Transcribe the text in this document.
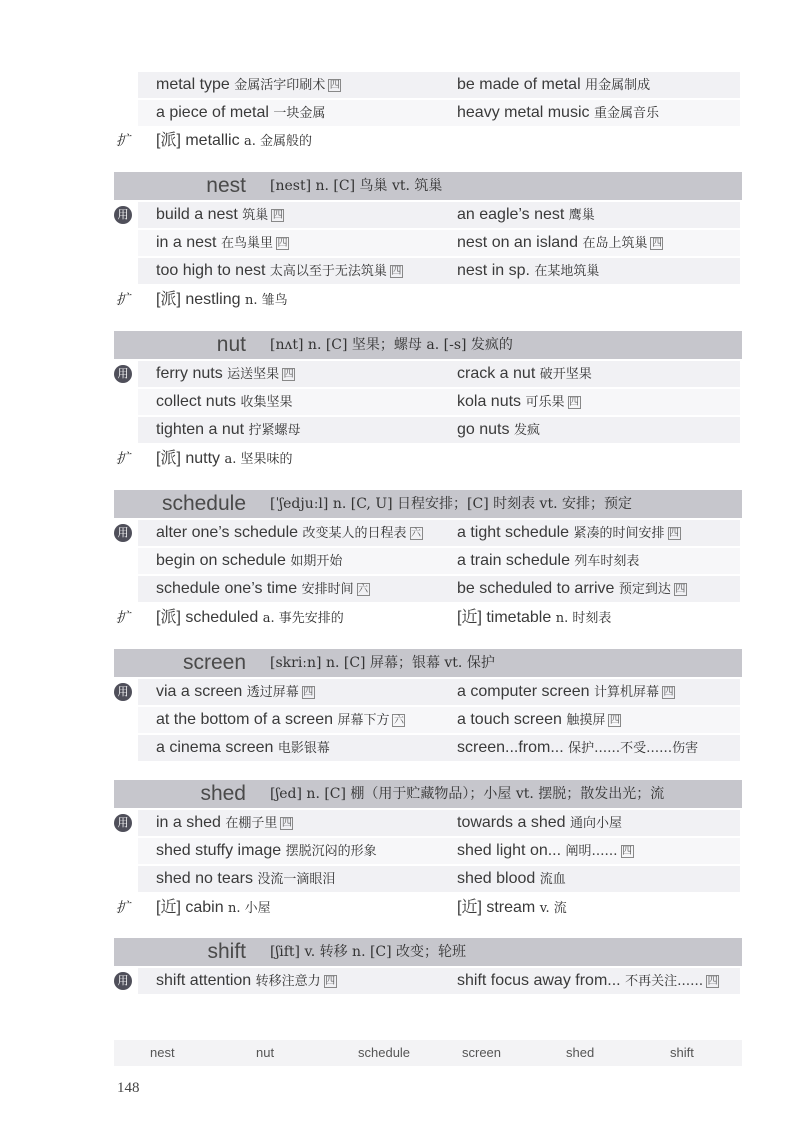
metal type 金属活字印刷术 四	be made of metal 用金属制成
a piece of metal 一块金属	heavy metal music 重金属音乐
扩 [派] metallic a. 金属般的
nest [nest] n. [C] 鸟巢 vt. 筑巢
用 build a nest 筑巢 四	an eagle’s nest 鹰巢
in a nest 在鸟巢里 四	nest on an island 在岛上筑巢 四
too high to nest 太高以至于无法筑巢 四	nest in sp. 在某地筑巢
扩 [派] nestling n. 雏鸟
nut [nʌt] n. [C] 坚果；螺母 a. [-s] 发疯的
用 ferry nuts 运送坚果 四	crack a nut 破开坚果
collect nuts 收集坚果	kola nuts 可乐果 四
tighten a nut 拧紧螺母	go nuts 发疯
扩 [派] nutty a. 坚果味的
schedule [ˈʃedjuːl] n. [C, U] 日程安排；[C] 时刻表 vt. 安排；预定
用 alter one’s schedule 改变某人的日程表 六 a tight schedule 紧凑的时间安排 四
begin on schedule 如期开始	a train schedule 列车时刻表
schedule one’s time 安排时间 六	be scheduled to arrive 预定到达 四
扩 [派] scheduled a. 事先安排的	[近] timetable n. 时刻表
screen [skriːn] n. [C] 屏幕；银幕 vt. 保护
用 via a screen 透过屏幕 四	a computer screen 计算机屏幕 四
at the bottom of a screen 屏幕下方 六	a touch screen 触摸屏 四
a cinema screen 电影银幕	screen...from... 保护……不受……伤害
shed [ʃed] n. [C] 棚（用于贮藏物品）；小屋 vt. 摆脱；散发出光；流
用 in a shed 在棚子里 四	towards a shed 通向小屋
shed stuffy image 摆脱沉闷的形象	shed light on... 阐明…… 四
shed no tears 没流一滴眼泪	shed blood 流血
扩 [近] cabin n. 小屋	[近] stream v. 流
shift [ʃift] v. 转移 n. [C] 改变；轮班
用 shift attention 转移注意力 四	shift focus away from... 不再关注…… 四
nest	nut	schedule	screen	shed	shift
148
